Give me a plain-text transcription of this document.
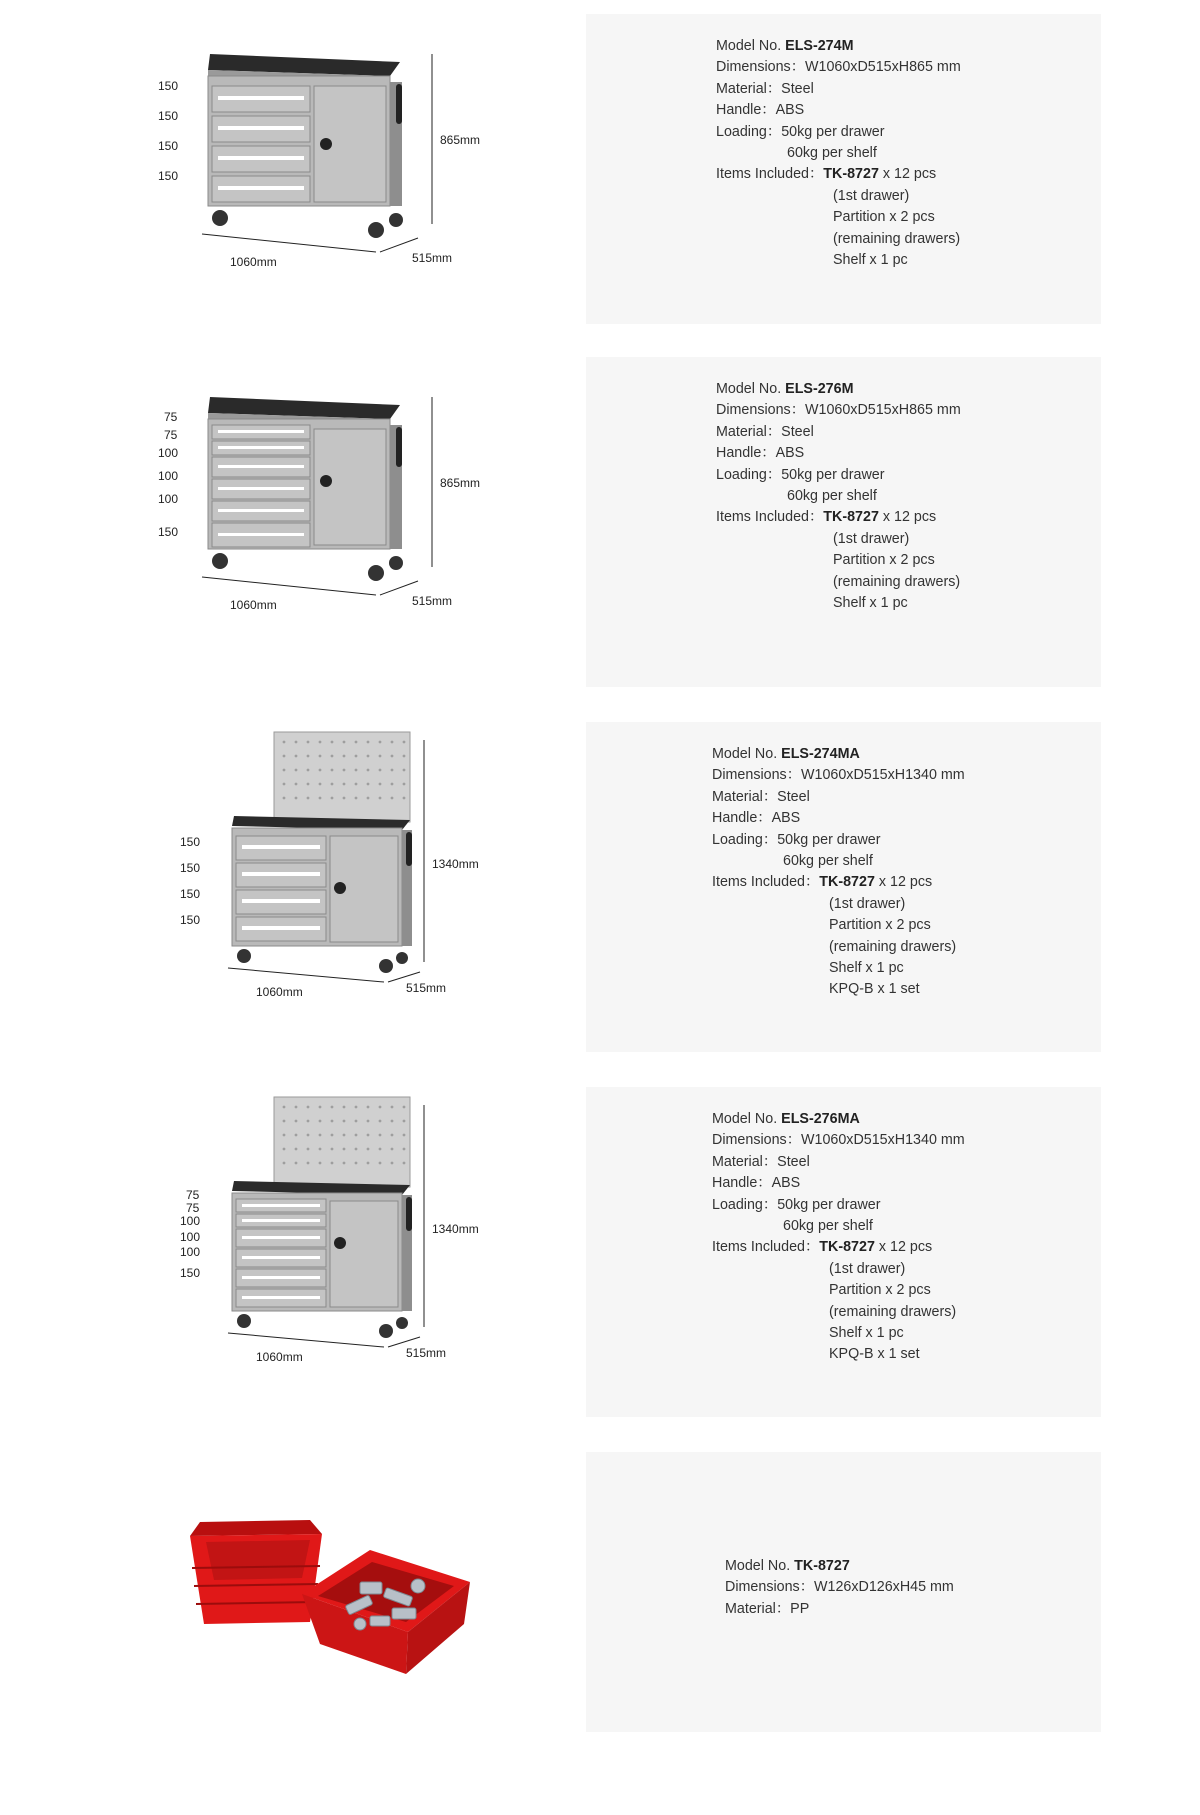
150
150
150
150
865mm
1060mm	515mm
Model No. ELS-274M
Dimensions：W1060xD515xH865 mm
Material：Steel
Handle：ABS
Loading：50kg per drawer
60kg per shelf
Items Included：TK-8727 x 12 pcs
(1st drawer)
Partition x 2 pcs
(remaining drawers)
Shelf x 1 pc
75
75
100
100
100
150
865mm
1060mm	515mm
Model No. ELS-276M
Dimensions：W1060xD515xH865 mm
Material：Steel
Handle：ABS
Loading：50kg per drawer
60kg per shelf
Items Included：TK-8727 x 12 pcs
(1st drawer)
Partition x 2 pcs
(remaining drawers)
Shelf x 1 pc
150
150
150
150
1340mm
1060mm	515mm
Model No. ELS-274MA
Dimensions：W1060xD515xH1340 mm
Material：Steel
Handle：ABS
Loading：50kg per drawer
60kg per shelf
Items Included：TK-8727 x 12 pcs
(1st drawer)
Partition x 2 pcs
(remaining drawers)
Shelf x 1 pc
KPQ-B x 1 set
75
75
100
100
100
150
1340mm
1060mm	515mm
Model No. ELS-276MA
Dimensions：W1060xD515xH1340 mm
Material：Steel
Handle：ABS
Loading：50kg per drawer
60kg per shelf
Items Included：TK-8727 x 12 pcs
(1st drawer)
Partition x 2 pcs
(remaining drawers)
Shelf x 1 pc
KPQ-B x 1 set
Model No. TK-8727
Dimensions：W126xD126xH45 mm
Material：PP
